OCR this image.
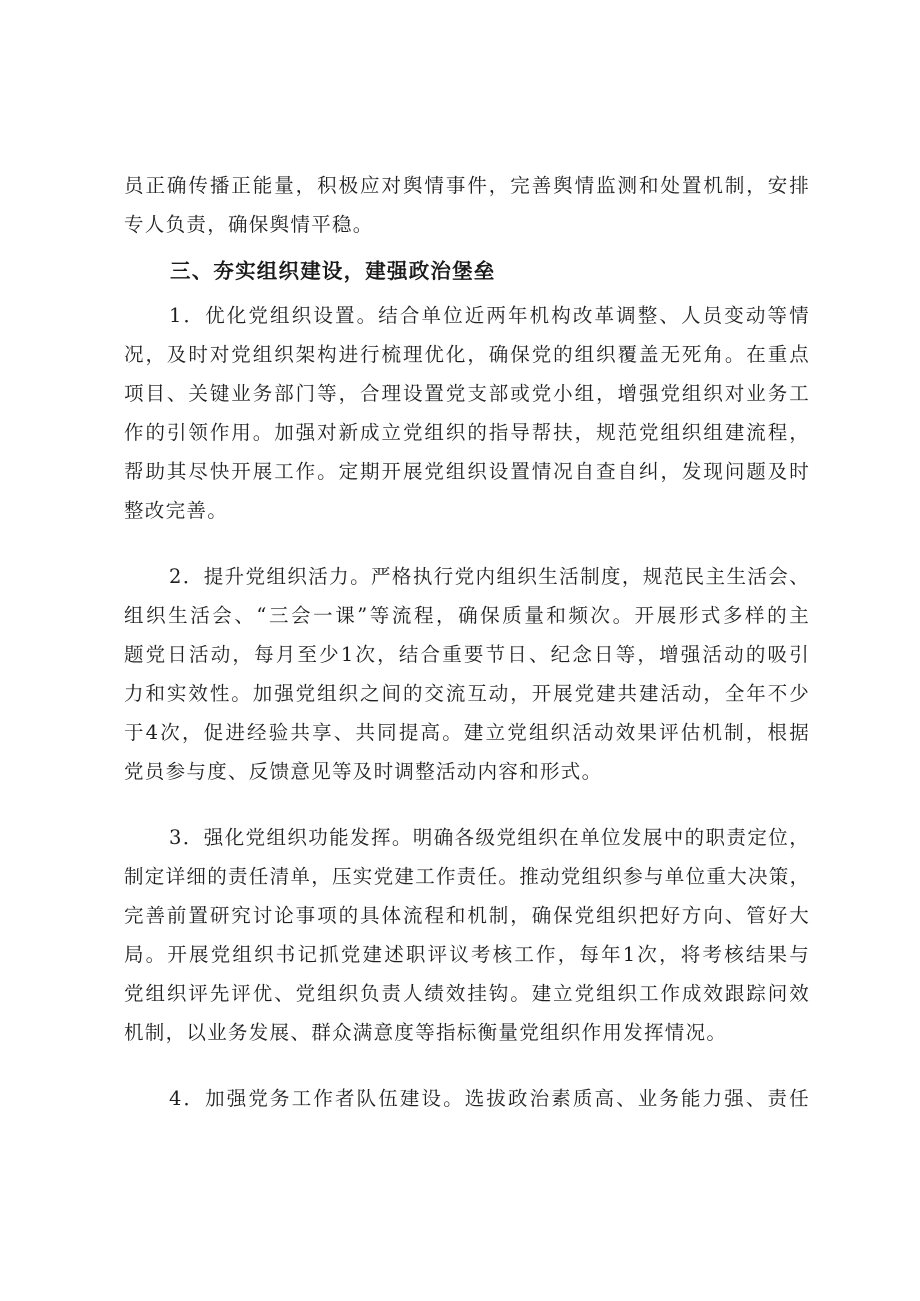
员正确传播正能量，积极应对舆情事件，完善舆情监测和处置机制，安排
专人负责，确保舆情平稳。
三、夯实组织建设，建强政治堡垒
1．优化党组织设置。结合单位近两年机构改革调整、人员变动等情
况，及时对党组织架构进行梳理优化，确保党的组织覆盖无死角。在重点
项目、关键业务部门等，合理设置党支部或党小组，增强党组织对业务工
作的引领作用。加强对新成立党组织的指导帮扶，规范党组织组建流程，
帮助其尽快开展工作。定期开展党组织设置情况自查自纠，发现问题及时
整改完善。
2．提升党组织活力。严格执行党内组织生活制度，规范民主生活会、
组织生活会、“三会一课”等流程，确保质量和频次。开展形式多样的主
题党日活动，每月至少1次，结合重要节日、纪念日等，增强活动的吸引
力和实效性。加强党组织之间的交流互动，开展党建共建活动，全年不少
于4次，促进经验共享、共同提高。建立党组织活动效果评估机制，根据
党员参与度、反馈意见等及时调整活动内容和形式。
3．强化党组织功能发挥。明确各级党组织在单位发展中的职责定位，
制定详细的责任清单，压实党建工作责任。推动党组织参与单位重大决策，
完善前置研究讨论事项的具体流程和机制，确保党组织把好方向、管好大
局。开展党组织书记抓党建述职评议考核工作，每年1次，将考核结果与
党组织评先评优、党组织负责人绩效挂钩。建立党组织工作成效跟踪问效
机制，以业务发展、群众满意度等指标衡量党组织作用发挥情况。
4．加强党务工作者队伍建设。选拔政治素质高、业务能力强、责任
